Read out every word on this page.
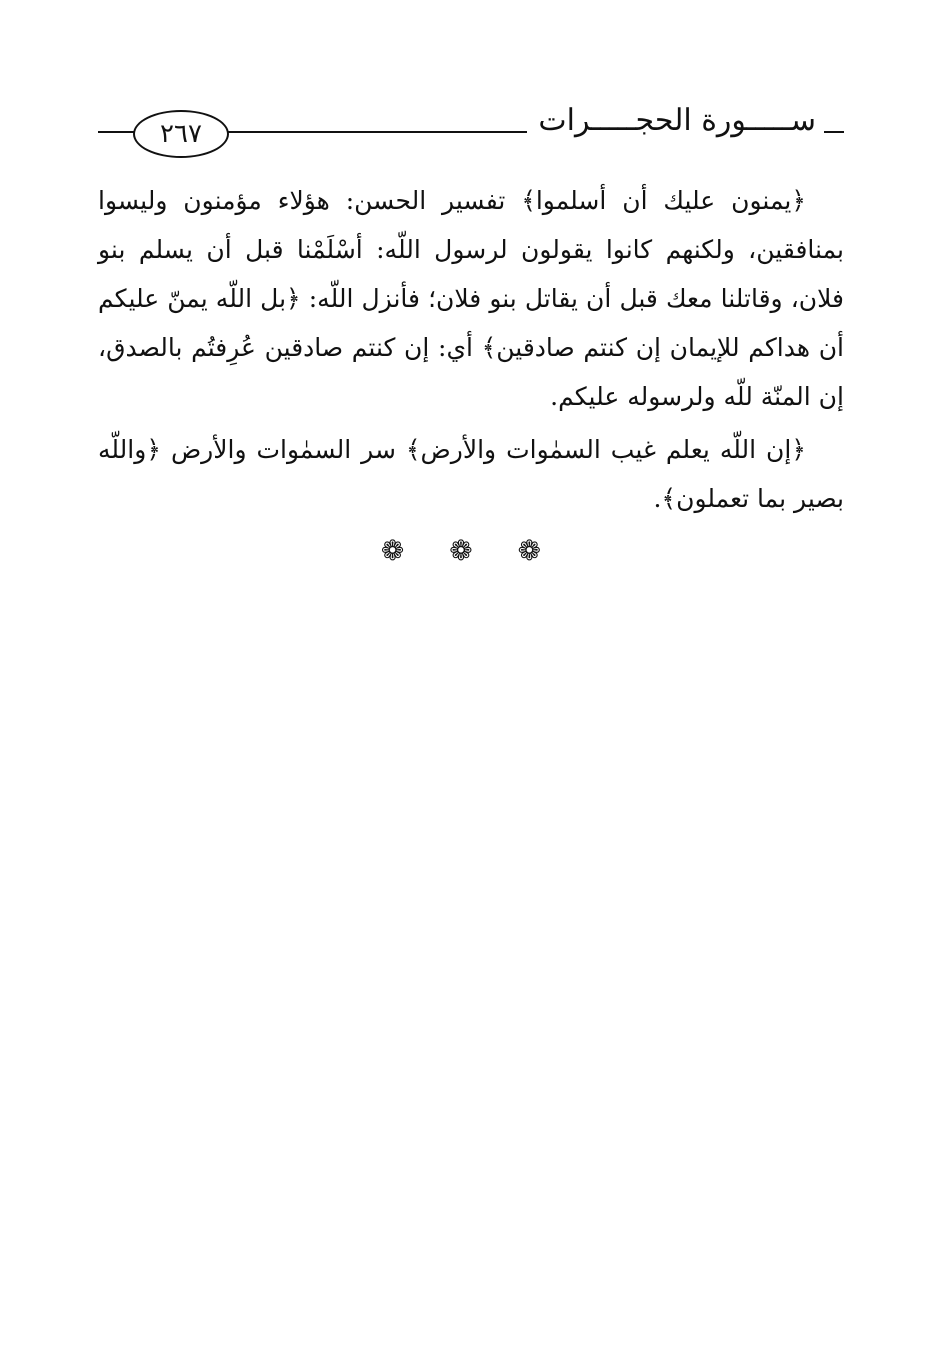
٢٦٧	ســـــورة الحجـــــرات

﴿يمنون عليك أن أسلموا﴾ تفسير الحسن: هؤلاء مؤمنون وليسوا بمنافقين، ولكنهم كانوا يقولون لرسول اللّه: أسْلَمْنا قبل أن يسلم بنو فلان، وقاتلنا معك قبل أن يقاتل بنو فلان؛ فأنزل اللّه: ﴿بل اللّه يمنّ عليكم أن هداكم للإيمان إن كنتم صادقين﴾ أي: إن كنتم صادقين عُرِفتُم بالصدق، إن المنّة للّه ولرسوله عليكم.

﴿إن اللّه يعلم غيب السمٰوات والأرض﴾ سر السمٰوات والأرض ﴿واللّه بصير بما تعملون﴾.

❁ ❁ ❁
